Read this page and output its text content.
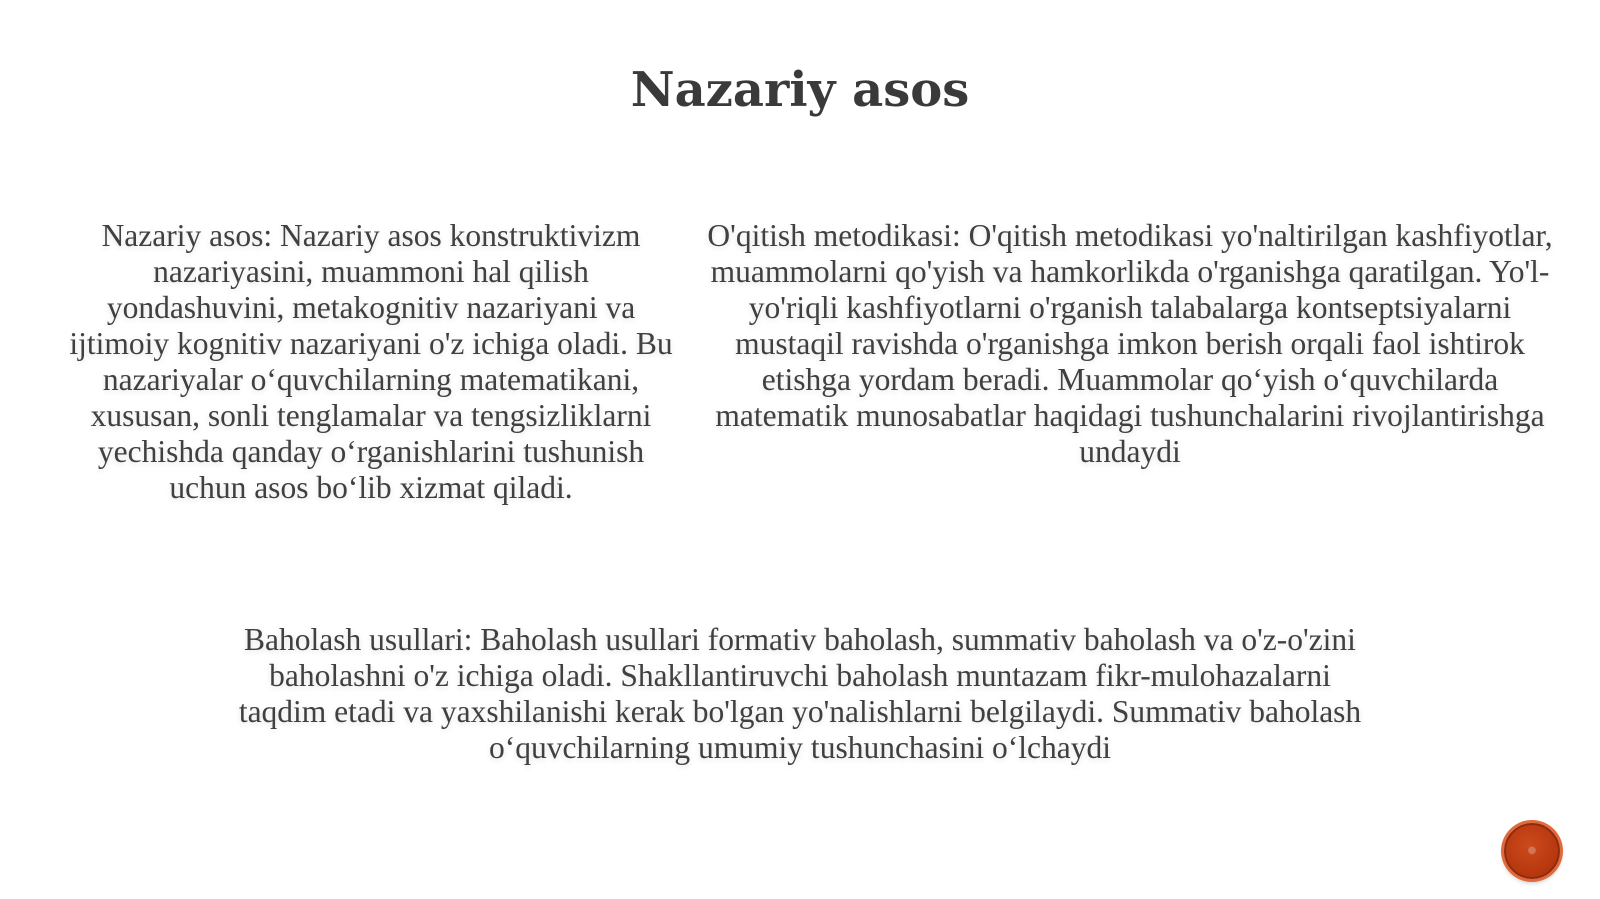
Nazariy asos
Nazariy asos: Nazariy asos konstruktivizm nazariyasini, muammoni hal qilish yondashuvini, metakognitiv nazariyani va ijtimoiy kognitiv nazariyani o'z ichiga oladi. Bu nazariyalar o‘quvchilarning matematikani, xususan, sonli tenglamalar va tengsizliklarni yechishda qanday o‘rganishlarini tushunish uchun asos bo‘lib xizmat qiladi.
O'qitish metodikasi: O'qitish metodikasi yo'naltirilgan kashfiyotlar, muammolarni qo'yish va hamkorlikda o'rganishga qaratilgan. Yo'l-yo'riqli kashfiyotlarni o'rganish talabalarga kontseptsiyalarni mustaqil ravishda o'rganishga imkon berish orqali faol ishtirok etishga yordam beradi. Muammolar qo‘yish o‘quvchilarda matematik munosabatlar haqidagi tushunchalarini rivojlantirishga undaydi
Baholash usullari: Baholash usullari formativ baholash, summativ baholash va o'z-o'zini baholashni o'z ichiga oladi. Shakllantiruvchi baholash muntazam fikr-mulohazalarni taqdim etadi va yaxshilanishi kerak bo'lgan yo'nalishlarni belgilaydi. Summativ baholash o‘quvchilarning umumiy tushunchasini o‘lchaydi
●
